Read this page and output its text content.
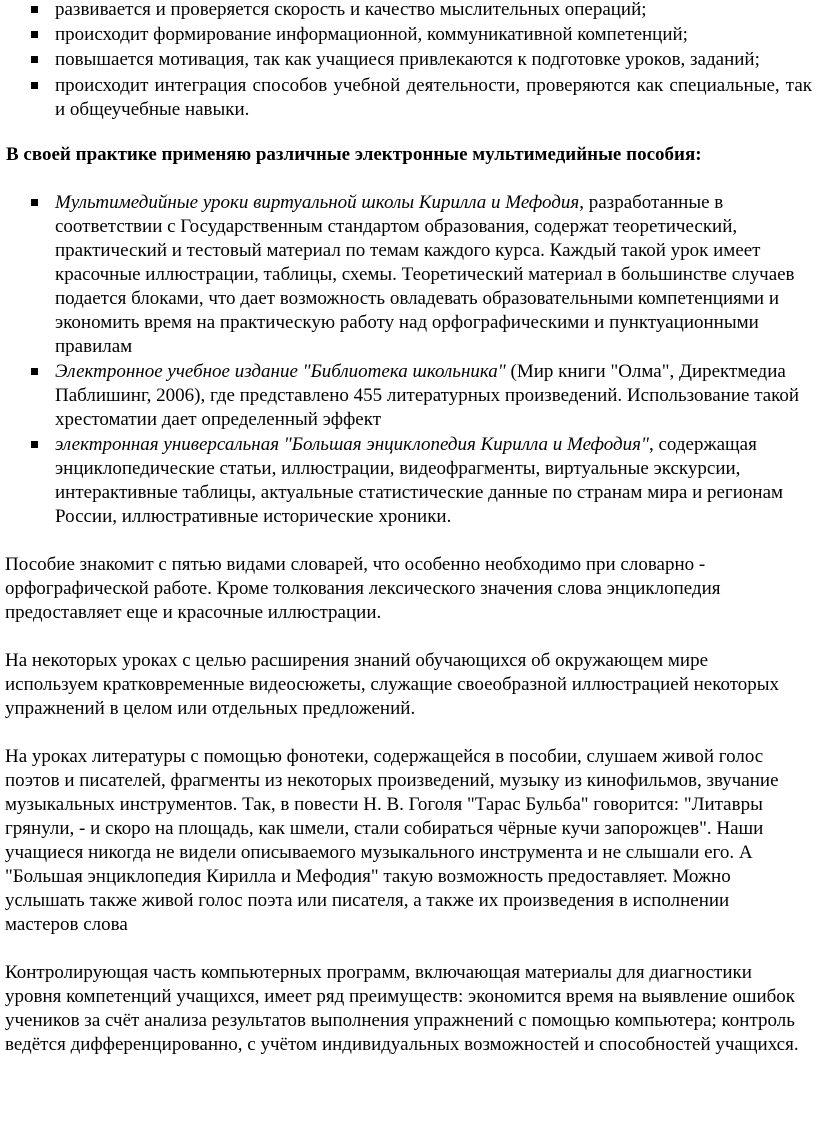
развивается и проверяется скорость и качество мыслительных операций;
происходит формирование информационной, коммуникативной компетенций;
повышается мотивация, так как учащиеся привлекаются к подготовке уроков, заданий;
происходит интеграция способов учебной деятельности, проверяются как специальные, так и общеучебные навыки.
В своей практике применяю различные электронные мультимедийные пособия:
Мультимедийные уроки виртуальной школы Кирилла и Мефодия, разработанные в соответствии с Государственным стандартом образования, содержат теоретический, практический и тестовый материал по темам каждого курса. Каждый такой урок имеет красочные иллюстрации, таблицы, схемы. Теоретический материал в большинстве случаев подается блоками, что дает возможность овладевать образовательными компетенциями и экономить время на практическую работу над орфографическими и пунктуационными правилам
Электронное учебное издание "Библиотека школьника" (Мир книги "Олма", Директмедиа Паблишинг, 2006), где представлено 455 литературных произведений. Использование такой хрестоматии дает определенный эффект
электронная универсальная "Большая энциклопедия Кирилла и Мефодия", содержащая энциклопедические статьи, иллюстрации, видеофрагменты, виртуальные экскурсии, интерактивные таблицы, актуальные статистические данные по странам мира и регионам России, иллюстративные исторические хроники.

Пособие знакомит с пятью видами словарей, что особенно необходимо при словарно - орфографической работе. Кроме толкования лексического значения слова энциклопедия предоставляет еще и красочные иллюстрации.

На некоторых уроках с целью расширения знаний обучающихся об окружающем мире используем кратковременные видеосюжеты, служащие своеобразной иллюстрацией некоторых упражнений в целом или отдельных предложений.

На уроках литературы с помощью фонотеки, содержащейся в пособии, слушаем живой голос поэтов и писателей, фрагменты из некоторых произведений, музыку из кинофильмов, звучание музыкальных инструментов. Так, в повести Н. В. Гоголя "Тарас Бульба" говорится: "Литавры грянули, - и скоро на площадь, как шмели, стали собираться чёрные кучи запорожцев". Наши учащиеся никогда не видели описываемого музыкального инструмента и не слышали его. А "Большая энциклопедия Кирилла и Мефодия" такую возможность предоставляет. Можно услышать также живой голос поэта или писателя, а также их произведения в исполнении мастеров слова

Контролирующая часть компьютерных программ, включающая материалы для диагностики уровня компетенций учащихся, имеет ряд преимуществ: экономится время на выявление ошибок учеников за счёт анализа результатов выполнения упражнений с помощью компьютера; контроль ведётся дифференцированно, с учётом индивидуальных возможностей и способностей учащихся.
